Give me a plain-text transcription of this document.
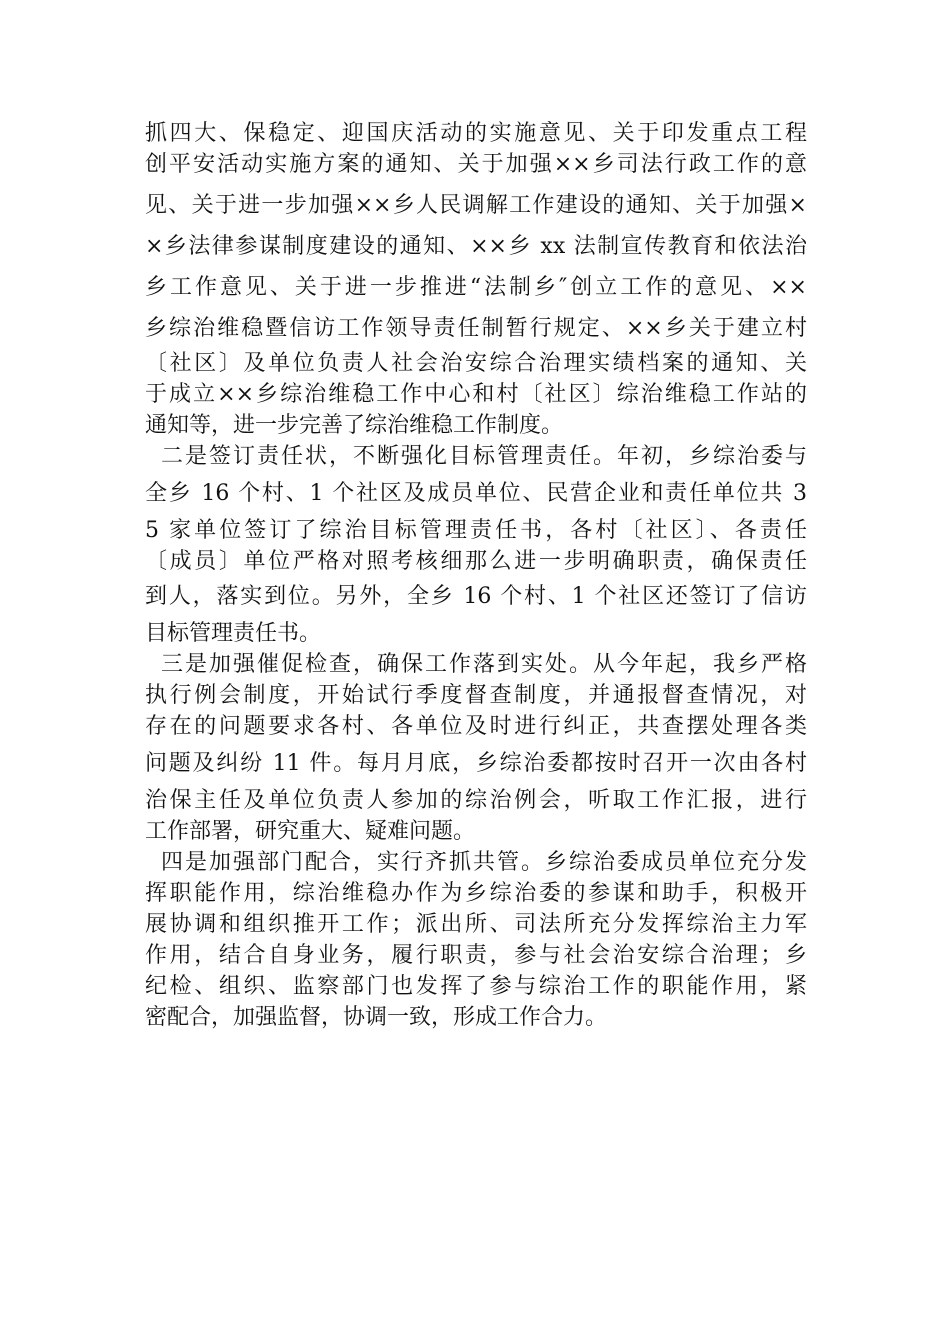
抓四大、保稳定、迎国庆活动的实施意见、关于印发重点工程
创平安活动实施方案的通知、关于加强××乡司法行政工作的意
见、关于进一步加强××乡人民调解工作建设的通知、关于加强×
×乡法律参谋制度建设的通知、××乡 xx 法制宣传教育和依法治
乡工作意见、关于进一步推进“法制乡″创立工作的意见、××
乡综治维稳暨信访工作领导责任制暂行规定、××乡关于建立村
〔社区〕及单位负责人社会治安综合治理实绩档案的通知、关
于成立××乡综治维稳工作中心和村〔社区〕综治维稳工作站的
通知等，进一步完善了综治维稳工作制度。
二是签订责任状，不断强化目标管理责任。年初，乡综治委与
全乡 16 个村、1 个社区及成员单位、民营企业和责任单位共 3
5 家单位签订了综治目标管理责任书，各村〔社区〕、各责任
〔成员〕单位严格对照考核细那么进一步明确职责，确保责任
到人，落实到位。另外，全乡 16 个村、1 个社区还签订了信访
目标管理责任书。
三是加强催促检查，确保工作落到实处。从今年起，我乡严格
执行例会制度，开始试行季度督查制度，并通报督查情况，对
存在的问题要求各村、各单位及时进行纠正，共查摆处理各类
问题及纠纷 11 件。每月月底，乡综治委都按时召开一次由各村
治保主任及单位负责人参加的综治例会，听取工作汇报，进行
工作部署，研究重大、疑难问题。
四是加强部门配合，实行齐抓共管。乡综治委成员单位充分发
挥职能作用，综治维稳办作为乡综治委的参谋和助手，积极开
展协调和组织推开工作；派出所、司法所充分发挥综治主力军
作用，结合自身业务，履行职责，参与社会治安综合治理；乡
纪检、组织、监察部门也发挥了参与综治工作的职能作用，紧
密配合，加强监督，协调一致，形成工作合力。
